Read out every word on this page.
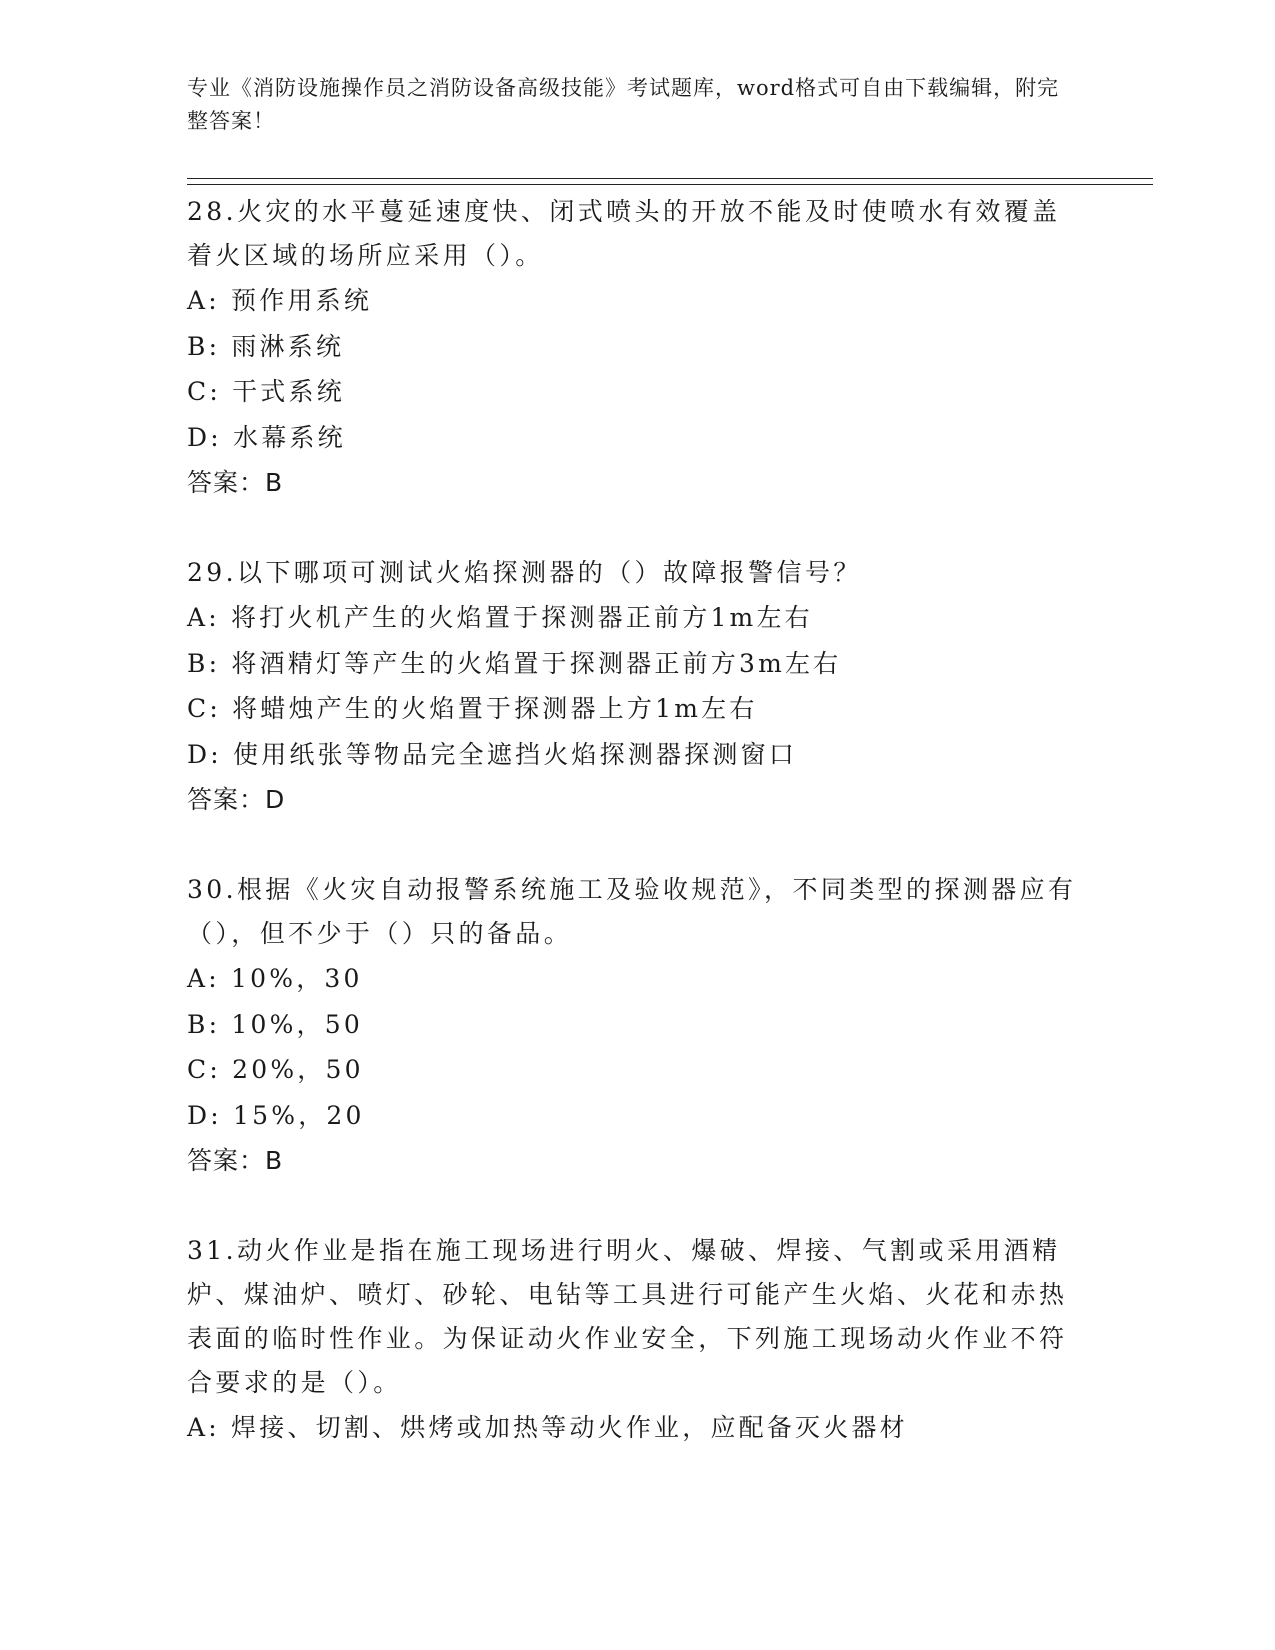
专业《消防设施操作员之消防设备高级技能》考试题库，word格式可自由下载编辑，附完整答案！
28.火灾的水平蔓延速度快、闭式喷头的开放不能及时使喷水有效覆盖着火区域的场所应采用（）。
A:
预作用系统
B:
雨淋系统
C:
干式系统
D:
水幕系统
答案：B
29.以下哪项可测试火焰探测器的（）故障报警信号？
A:
将打火机产生的火焰置于探测器正前方1m左右
B:
将酒精灯等产生的火焰置于探测器正前方3m左右
C:
将蜡烛产生的火焰置于探测器上方1m左右
D:
使用纸张等物品完全遮挡火焰探测器探测窗口
答案：D
30.根据《火灾自动报警系统施工及验收规范》，不同类型的探测器应有（），但不少于（）只的备品。
A:
10%，30
B:
10%，50
C:
20%，50
D:
15%，20
答案：B
31.动火作业是指在施工现场进行明火、爆破、焊接、气割或采用酒精炉、煤油炉、喷灯、砂轮、电钻等工具进行可能产生火焰、火花和赤热表面的临时性作业。为保证动火作业安全，下列施工现场动火作业不符合要求的是（）。
A:
焊接、切割、烘烤或加热等动火作业，应配备灭火器材
